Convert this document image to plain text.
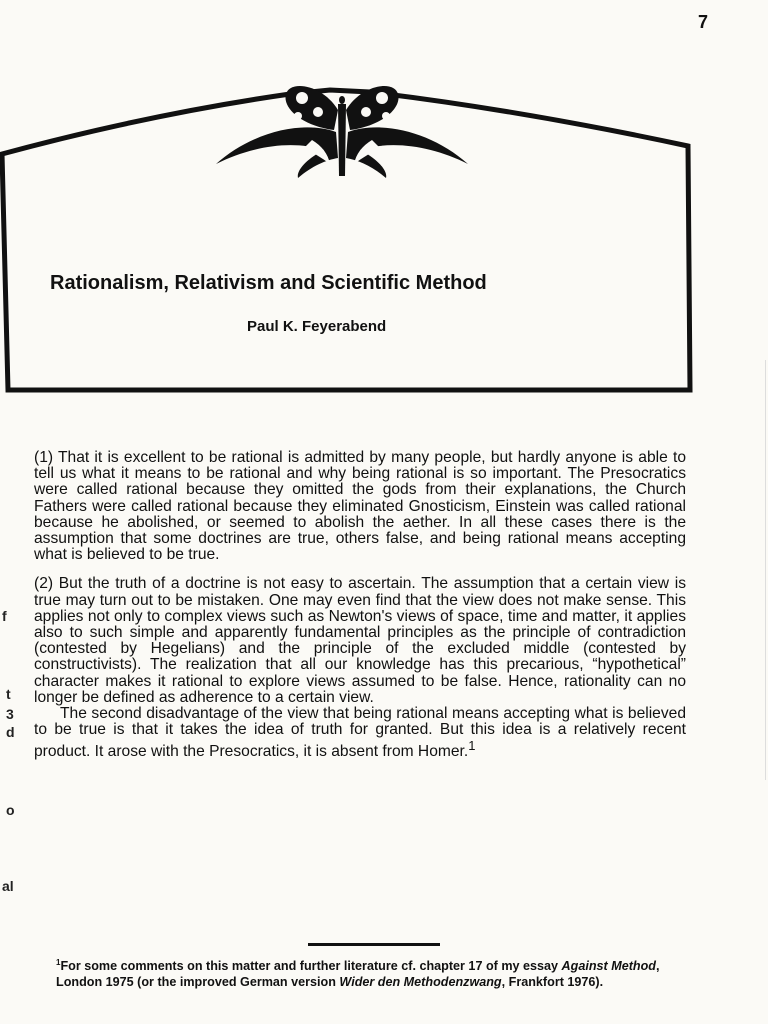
7
Rationalism, Relativism and Scientific Method
Paul K. Feyerabend

(1) That it is excellent to be rational is admitted by many people, but hardly anyone is able to tell us what it means to be rational and why being rational is so important. The Presocratics were called rational because they omitted the gods from their explanations, the Church Fathers were called rational because they eliminated Gnosticism, Einstein was called rational because he abolished, or seemed to abolish the aether. In all these cases there is the assumption that some doctrines are true, others false, and being rational means accepting what is believed to be true.

(2) But the truth of a doctrine is not easy to ascertain. The assumption that a certain view is true may turn out to be mistaken. One may even find that the view does not make sense. This applies not only to complex views such as Newton's views of space, time and matter, it applies also to such simple and apparently fundamental principles as the principle of contradiction (contested by Hegelians) and the principle of the excluded middle (contested by constructivists). The realization that all our knowledge has this precarious, “hypothetical” character makes it rational to explore views assumed to be false. Hence, rationality can no longer be defined as adherence to a certain view.

The second disadvantage of the view that being rational means accepting what is believed to be true is that it takes the idea of truth for granted. But this idea is a relatively recent product. It arose with the Presocratics, it is absent from Homer.$^1$

$^1$For some comments on this matter and further literature cf. chapter 17 of my essay Against Method, London 1975 (or the improved German version Wider den Methodenzwang, Frankfort 1976).
f
t
3
d
o
al
